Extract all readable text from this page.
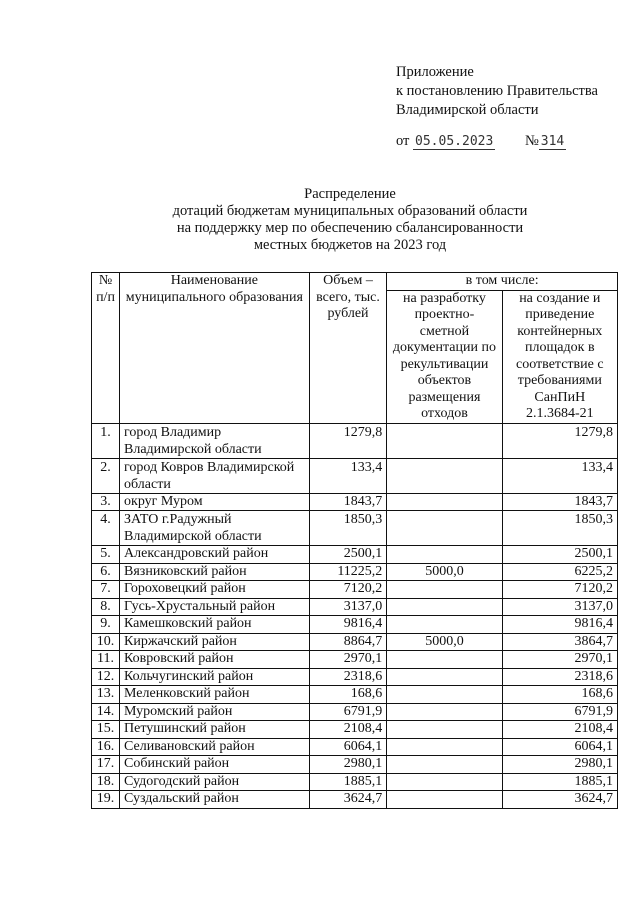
Приложение
к постановлению Правительства
Владимирской области
от 05.05.2023 № 314
Распределение
дотаций бюджетам муниципальных образований области
на поддержку мер по обеспечению сбалансированности
местных бюджетов на 2023 год
№ п/п	Наименование муниципального образования	Объем – всего, тыс. рублей	в том числе:	
			на разработку проектно-сметной документации по рекультивации объектов размещения отходов	на создание и приведение контейнерных площадок в соответствие с требованиями СанПиН 2.1.3684-21
1.	город Владимир Владимирской области	1279,8		1279,8
2.	город Ковров Владимирской области	133,4		133,4
3.	округ Муром	1843,7		1843,7
4.	ЗАТО г.Радужный Владимирской области	1850,3		1850,3
5.	Александровский район	2500,1		2500,1
6.	Вязниковский район	11225,2	5000,0	6225,2
7.	Гороховецкий район	7120,2		7120,2
8.	Гусь-Хрустальный район	3137,0		3137,0
9.	Камешковский район	9816,4		9816,4
10.	Киржачский район	8864,7	5000,0	3864,7
11.	Ковровский район	2970,1		2970,1
12.	Кольчугинский район	2318,6		2318,6
13.	Меленковский район	168,6		168,6
14.	Муромский район	6791,9		6791,9
15.	Петушинский район	2108,4		2108,4
16.	Селивановский район	6064,1		6064,1
17.	Собинский район	2980,1		2980,1
18.	Судогодский район	1885,1		1885,1
19.	Суздальский район	3624,7		3624,7
